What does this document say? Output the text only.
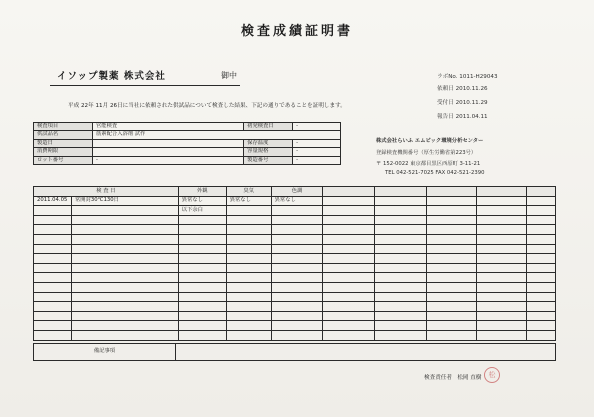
検査成績証明書
イソップ製薬 株式会社	御中	ラボNo. 1011-H29043
依頼日 2010.11.26
受付日 2010.11.29
報告日 2011.04.11
平成 22年 11月 26日に当社に依頼された供試品について検査した結果、下記の通りであることを証明します。
株式会社らいふ エムビック環境分析センター
登録検査機関番号（厚生労働省第223号）
〒 152-0022 東京都目黒区西原町 3-11-21
TEL 042-521-7025 FAX 042-521-2390
検査項目	官能検査	初発検査日	-
供試品名	筋素配合入浴剤 試作		
製造日		保存温度	-
消費期限		容量規格	-
ロット番号	-	製造番号	-
検 査 日		外観	臭気	色調					
2011.04.05	常開封30℃130日	異常なし	異常なし	異常なし					
		以下余白							

備記事項	
検査責任者 松岡 直樹	松
